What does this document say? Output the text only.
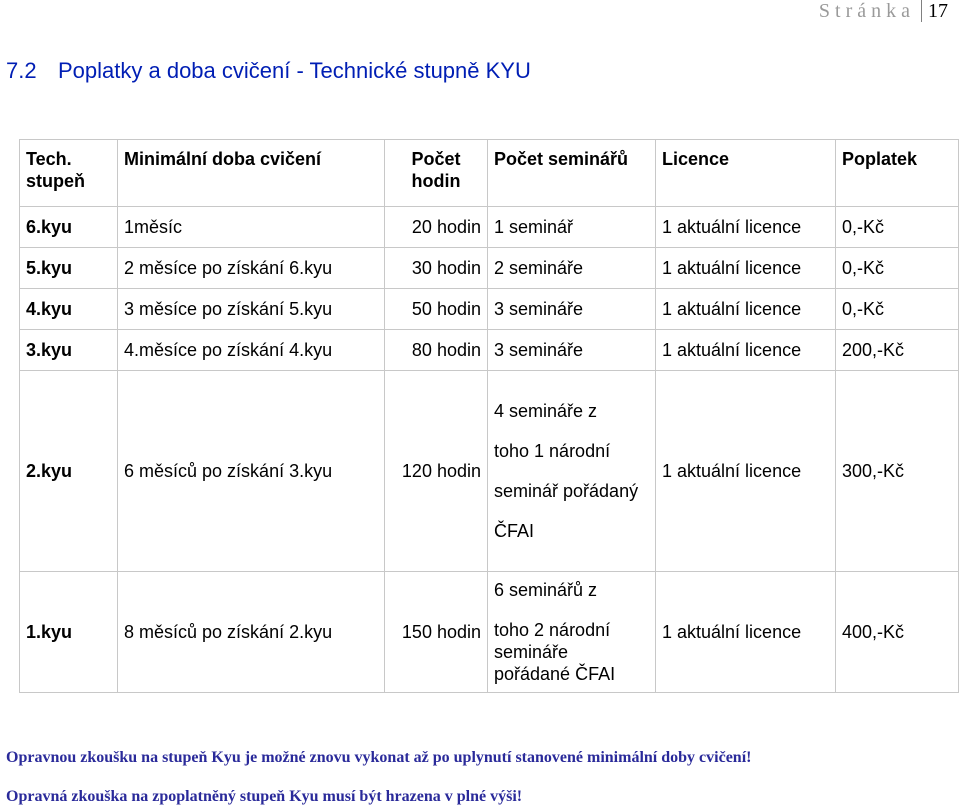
Stránka 17
7.2 Poplatky a doba cvičení - Technické stupně KYU
Tech. stupeň	Minimální doba cvičení	Počet hodin	Počet seminářů	Licence	Poplatek
6.kyu	1měsíc	20 hodin	1 seminář	1 aktuální licence	0,-Kč
5.kyu	2 měsíce po získání 6.kyu	30 hodin	2 semináře	1 aktuální licence	0,-Kč
4.kyu	3 měsíce po získání 5.kyu	50 hodin	3 semináře	1 aktuální licence	0,-Kč
3.kyu	4.měsíce po získání 4.kyu	80 hodin	3 semináře	1 aktuální licence	200,-Kč
2.kyu	6 měsíců po získání 3.kyu	120 hodin	4 semináře z
toho 1 národní
seminář pořádaný
ČFAI	1 aktuální licence	300,-Kč
1.kyu	8 měsíců po získání 2.kyu	150 hodin	6 seminářů z
toho 2 národní
semináře
pořádané ČFAI	1 aktuální licence	400,-Kč
Opravnou zkoušku na stupeň Kyu je možné znovu vykonat až po uplynutí stanovené minimální doby cvičení!
Opravná zkouška na zpoplatněný stupeň Kyu musí být hrazena v plné výši!
